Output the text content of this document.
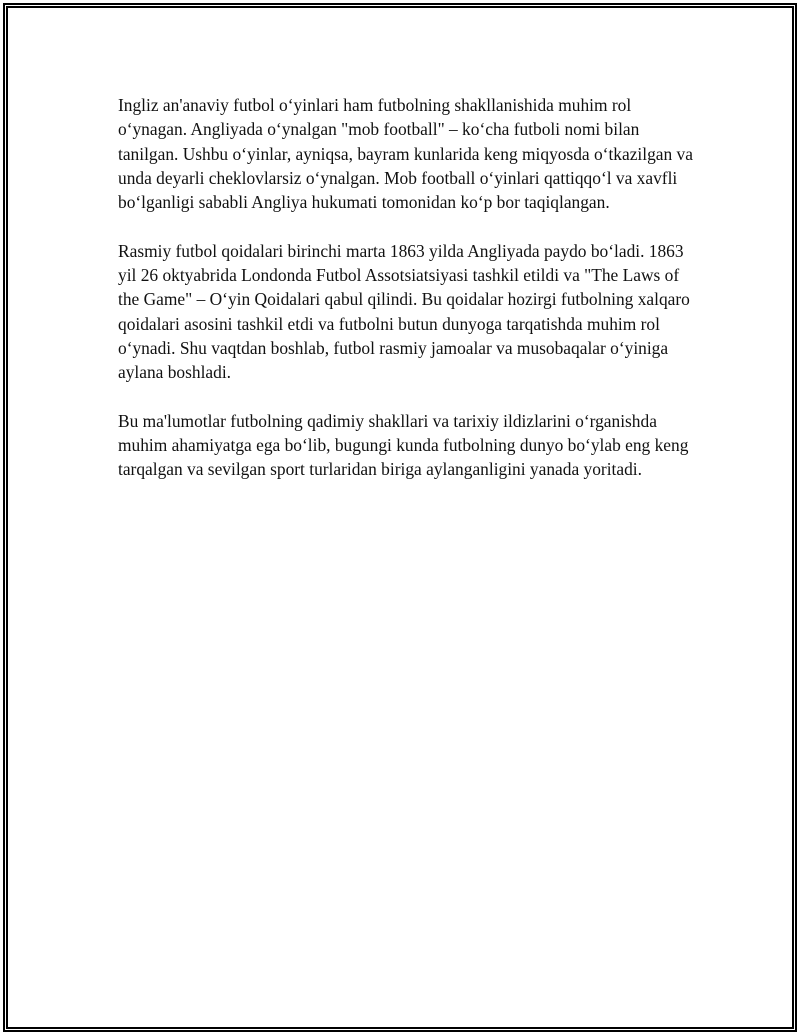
Ingliz an'anaviy futbol o‘yinlari ham futbolning shakllanishida muhim rol o‘ynagan. Angliyada o‘ynalgan "mob football" – ko‘cha futboli nomi bilan tanilgan. Ushbu o‘yinlar, ayniqsa, bayram kunlarida keng miqyosda o‘tkazilgan va unda deyarli cheklovlarsiz o‘ynalgan. Mob football o‘yinlari qattiqqo‘l va xavfli bo‘lganligi sababli Angliya hukumati tomonidan ko‘p bor taqiqlangan.

Rasmiy futbol qoidalari birinchi marta 1863 yilda Angliyada paydo bo‘ladi. 1863 yil 26 oktyabrida Londonda Futbol Assotsiatsiyasi tashkil etildi va "The Laws of the Game" – O‘yin Qoidalari qabul qilindi. Bu qoidalar hozirgi futbolning xalqaro qoidalari asosini tashkil etdi va futbolni butun dunyoga tarqatishda muhim rol o‘ynadi. Shu vaqtdan boshlab, futbol rasmiy jamoalar va musobaqalar o‘yiniga aylana boshladi.

Bu ma'lumotlar futbolning qadimiy shakllari va tarixiy ildizlarini o‘rganishda muhim ahamiyatga ega bo‘lib, bugungi kunda futbolning dunyo bo‘ylab eng keng tarqalgan va sevilgan sport turlaridan biriga aylanganligini yanada yoritadi.
